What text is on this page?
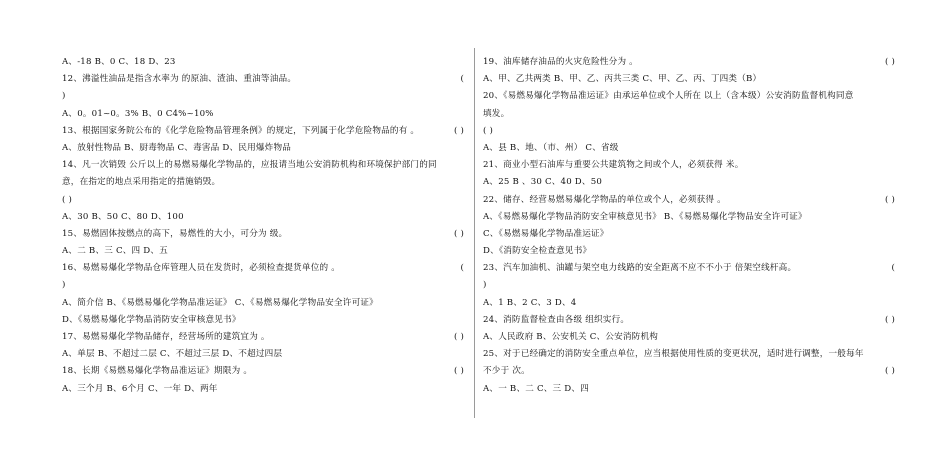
A、-18 B、0 C、18 D、23
12、沸溢性油品是指含水率为 的原油、渣油、重油等油品。	(
)
A、0。01~0。3% B、0 C4%~10%
13、根据国家务院公布的《化学危险物品管理条例》的规定，下列属于化学危险物品的有 。	( )
A、放射性物品 B、厨毒物品 C、毒害品 D、民用爆炸物品
14、凡一次销毁 公斤以上的易燃易爆化学物品的，应报请当地公安消防机构和环境保护部门的同
意，在指定的地点采用指定的措施销毁。
( )
A、30 B、50 C、80 D、100
15、易燃固体按燃点的高下，易燃性的大小，可分为 级。	( )
A、二 B、三 C、四 D、五
16、易燃易爆化学物品仓库管理人员在发货时，必须检查提货单位的 。	(
)
A、简介信 B、《易燃易爆化学物品准运证》 C、《易燃易爆化学物品安全许可证》
D、《易燃易爆化学物品消防安全审核意见书》
17、易燃易爆化学物品储存，经营场所的建筑宜为 。	( )
A、单层 B、不超过二层 C、不超过三层 D、不超过四层
18、长期《易燃易爆化学物品准运证》期限为 。	( )
A、三个月 B、6个月 C、一年 D、两年
19、油库储存油品的火灾危险性分为 。	( )
A、甲、乙共两类 B、甲、乙、丙共三类 C、甲、乙、丙、丁四类（B）
20、《易燃易爆化学物品准运证》由承运单位或个人所在 以上（含本级）公安消防监督机构同意
填发。
( )
A、县 B、地、（市、州） C、省级
21、商业小型石油库与重要公共建筑物之间或个人，必须获得 米。
A、25 B 、30 C、40 D、50
22、储存、经营易燃易爆化学物品的单位或个人，必须获得 。	( )
A、《易燃易爆化学物品消防安全审核意见书》 B、《易燃易爆化学物品安全许可证》
C、《易燃易爆化学物品准运证》
D、《消防安全检查意见书》
23、汽车加油机、油罐与架空电力线路的安全距离不应不不小于 倍架空线杆高。	(
)
A、1 B、2 C、3 D、4
24、消防监督检查由各级 组织实行。	( )
A、人民政府 B、公安机关 C、公安消防机构
25、对于已经确定的消防安全重点单位，应当根据使用性质的变更状况，适时进行调整，一般每年
不少于 次。	( )
A、一 B、二 C、三 D、四
